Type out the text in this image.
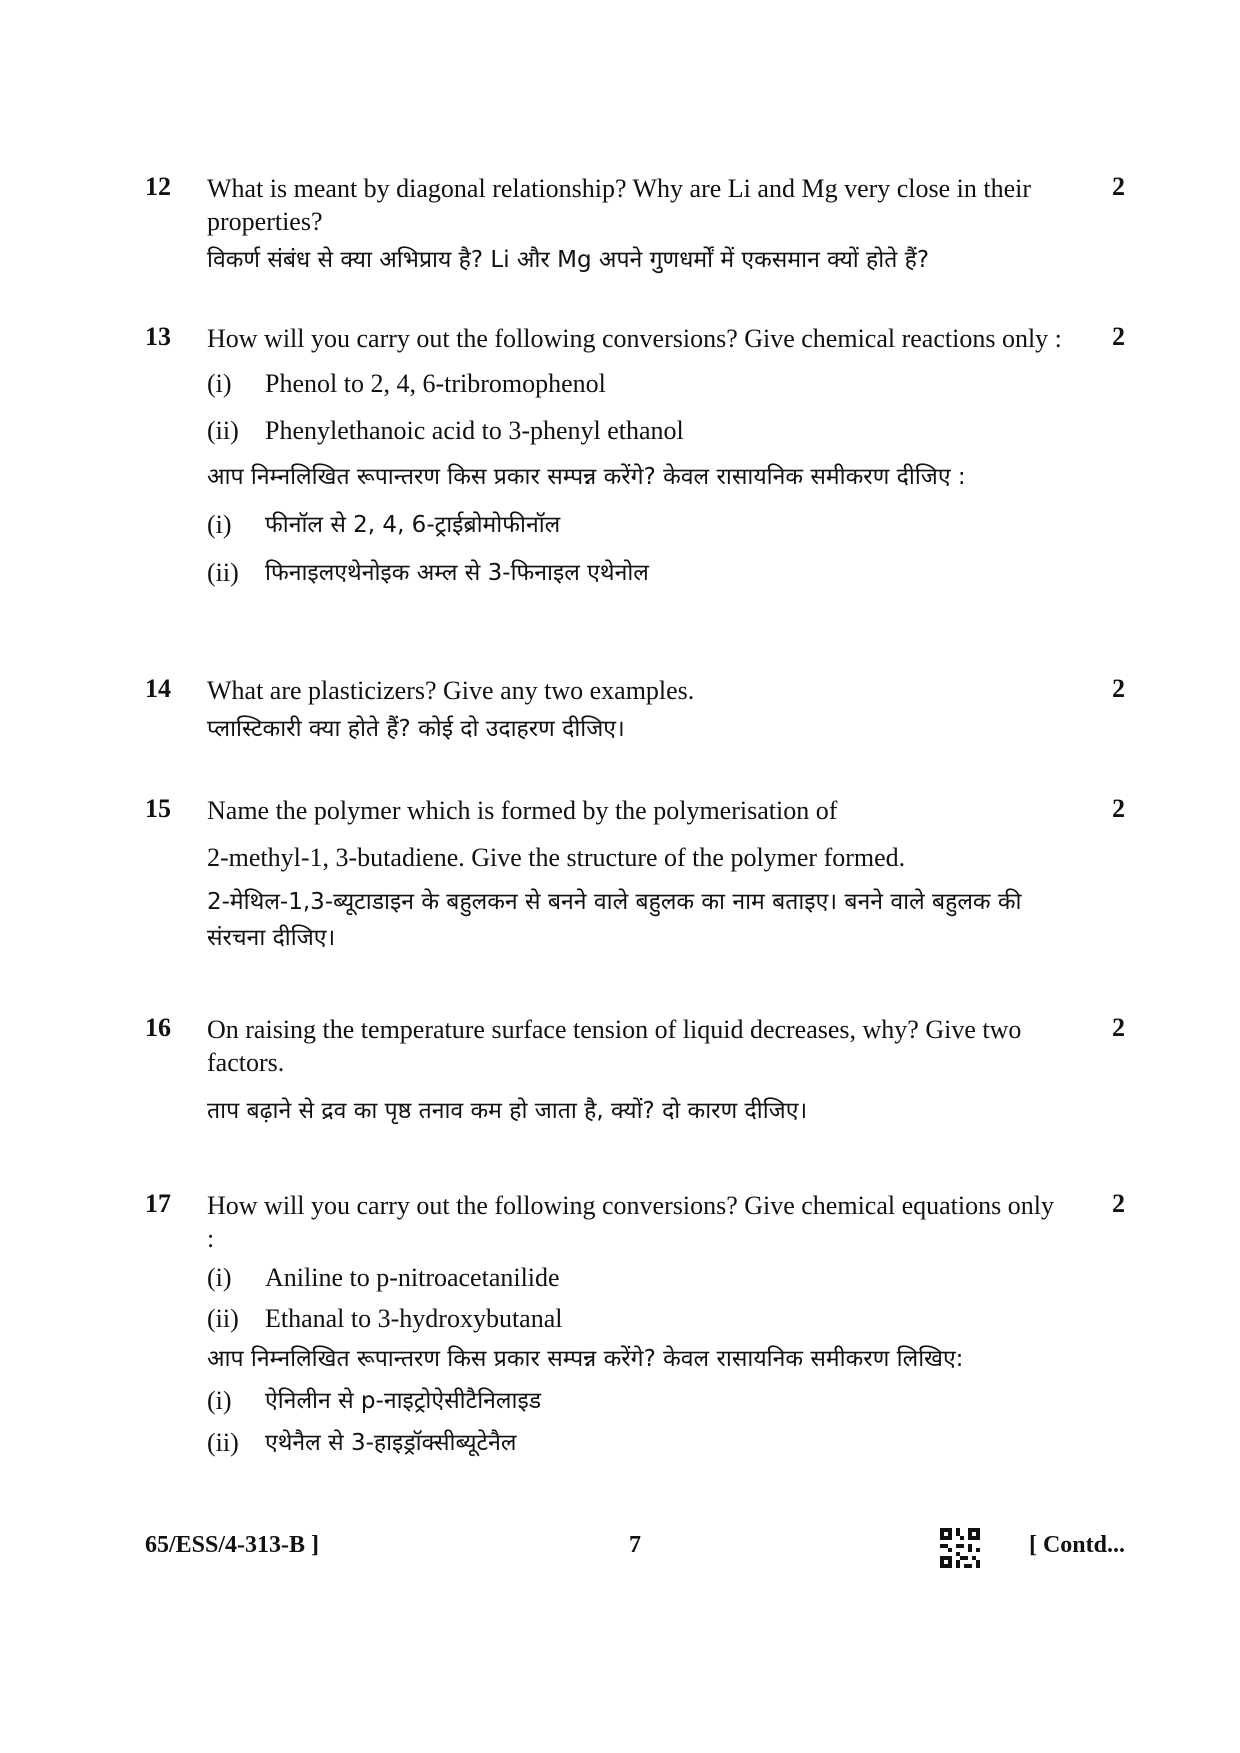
12	2

What is meant by diagonal relationship? Why are Li and Mg very close in their properties?

विकर्ण संबंध से क्या अभिप्राय है? Li और Mg अपने गुणधर्मों में एकसमान क्यों होते हैं?

13	2

How will you carry out the following conversions? Give chemical reactions only :

(i)	Phenol to 2, 4, 6-tribromophenol

(ii)	Phenylethanoic acid to 3-phenyl ethanol

आप निम्नलिखित रूपान्तरण किस प्रकार सम्पन्न करेंगे? केवल रासायनिक समीकरण दीजिए :

(i)	फीनॉल से 2, 4, 6-ट्राईब्रोमोफीनॉल

(ii)	फिनाइलएथेनोइक अम्ल से 3-फिनाइल एथेनोल

14	2

What are plasticizers? Give any two examples.

प्लास्टिकारी क्या होते हैं? कोई दो उदाहरण दीजिए।

15	2

Name the polymer which is formed by the polymerisation of

2-methyl-1, 3-butadiene. Give the structure of the polymer formed.

2-मेथिल-1,3-ब्यूटाडाइन के बहुलकन से बनने वाले बहुलक का नाम बताइए। बनने वाले बहुलक की संरचना दीजिए।

16	2

On raising the temperature surface tension of liquid decreases, why? Give two factors.

ताप बढ़ाने से द्रव का पृष्ठ तनाव कम हो जाता है, क्यों? दो कारण दीजिए।

17	2

How will you carry out the following conversions? Give chemical equations only :

(i)	Aniline to p-nitroacetanilide

(ii)	Ethanal to 3-hydroxybutanal

आप निम्नलिखित रूपान्तरण किस प्रकार सम्पन्न करेंगे? केवल रासायनिक समीकरण लिखिए:

(i)	ऐनिलीन से p-नाइट्रोऐसीटैनिलाइड

(ii)	एथेनैल से 3-हाइड्रॉक्सीब्यूटेनैल

65/ESS/4-313-B ]	7	[ Contd...
